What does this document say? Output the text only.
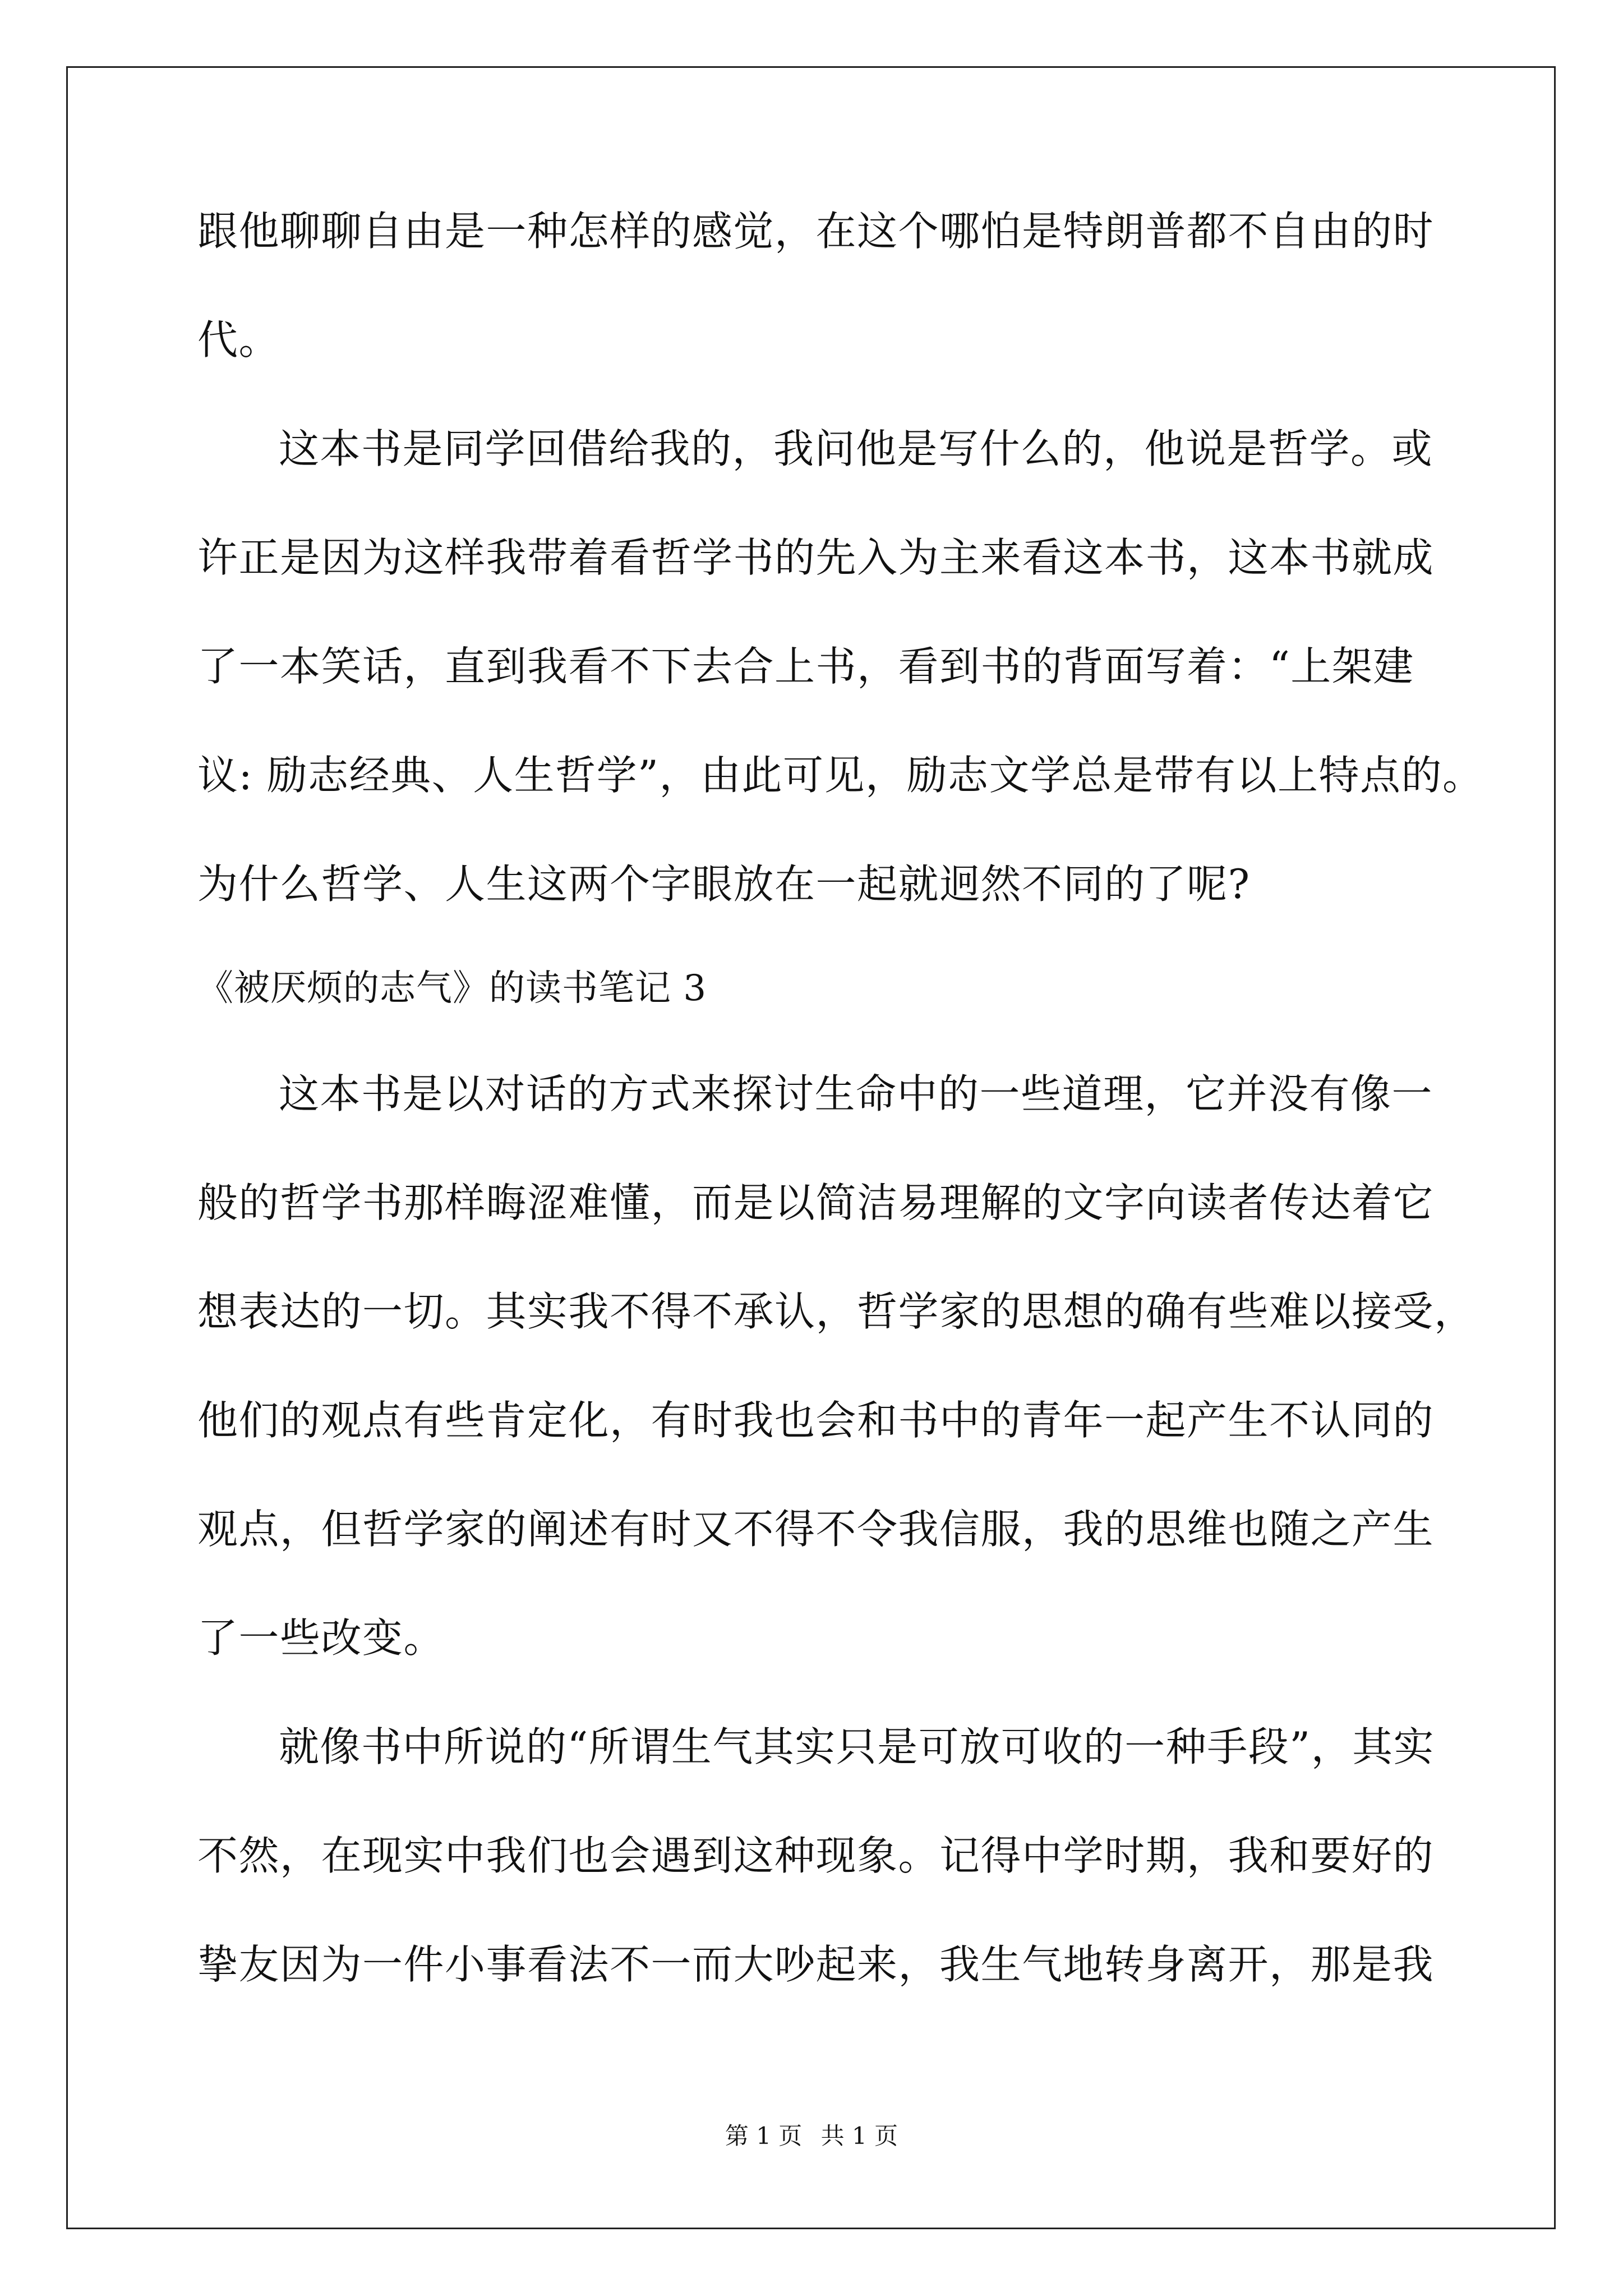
跟他聊聊自由是一种怎样的感觉，在这个哪怕是特朗普都不自由的时
代。
这本书是同学回借给我的，我问他是写什么的，他说是哲学。或
许正是因为这样我带着看哲学书的先入为主来看这本书，这本书就成
了一本笑话，直到我看不下去合上书，看到书的背面写着：“上架建
议: 励志经典、人生哲学”，由此可见，励志文学总是带有以上特点的。
为什么哲学、人生这两个字眼放在一起就迥然不同的了呢?
《被厌烦的志气》的读书笔记 3
这本书是以对话的方式来探讨生命中的一些道理，它并没有像一
般的哲学书那样晦涩难懂，而是以简洁易理解的文字向读者传达着它
想表达的一切。其实我不得不承认，哲学家的思想的确有些难以接受，
他们的观点有些肯定化，有时我也会和书中的青年一起产生不认同的
观点，但哲学家的阐述有时又不得不令我信服，我的思维也随之产生
了一些改变。
就像书中所说的“所谓生气其实只是可放可收的一种手段”，其实
不然，在现实中我们也会遇到这种现象。记得中学时期，我和要好的
挚友因为一件小事看法不一而大吵起来，我生气地转身离开，那是我
第 1 页 共 1 页
